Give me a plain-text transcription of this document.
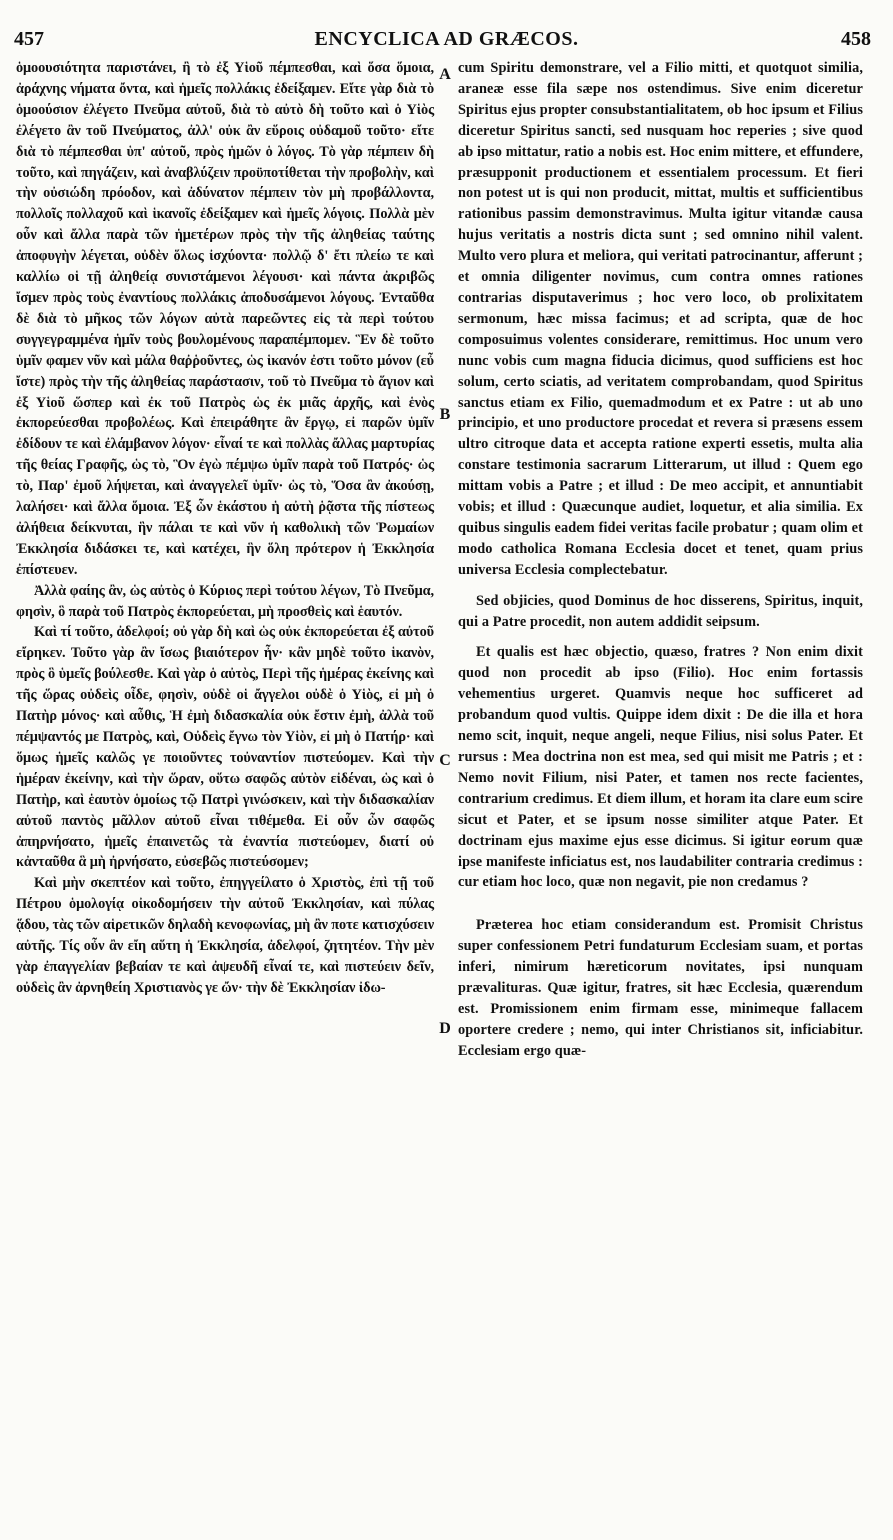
457	ENCYCLICA AD GRÆCOS.	458

ὁμοουσιότητα παριστάνει, ἢ τὸ ἐξ Υἱοῦ πέμπεσθαι, καὶ ὅσα ὅμοια, ἀράχνης νήματα ὄντα, καὶ ἡμεῖς πολλάκις ἐδείξαμεν. Εἴτε γὰρ διὰ τὸ ὁμοούσιον ἐλέγετο Πνεῦμα αὐτοῦ, διὰ τὸ αὐτὸ δὴ τοῦτο καὶ ὁ Υἱὸς ἐλέγετο ἂν τοῦ Πνεύματος, ἀλλ' οὐκ ἂν εὕροις οὐδαμοῦ τοῦτο· εἴτε διὰ τὸ πέμπεσθαι ὑπ' αὐτοῦ, πρὸς ἡμῶν ὁ λόγος. Τὸ γὰρ πέμπειν δὴ τοῦτο, καὶ πηγάζειν, καὶ ἀναβλύζειν προϋποτίθεται τὴν προβολὴν, καὶ τὴν οὐσιώδη πρόοδον, καὶ ἀδύνατον πέμπειν τὸν μὴ προβάλλοντα, πολλοῖς πολλαχοῦ καὶ ἱκανοῖς ἐδείξαμεν καὶ ἡμεῖς λόγοις. Πολλὰ μὲν οὖν καὶ ἄλλα παρὰ τῶν ἡμετέρων πρὸς τὴν τῆς ἀληθείας ταύτης ἀποφυγὴν λέγεται, οὐδὲν ὅλως ἰσχύοντα· πολλῷ δ' ἔτι πλείω τε καὶ καλλίω οἱ τῇ ἀληθείᾳ συνιστάμενοι λέγουσι· καὶ πάντα ἀκριβῶς ἴσμεν πρὸς τοὺς ἐναντίους πολλάκις ἀποδυσάμενοι λόγους. Ἐνταῦθα δὲ διὰ τὸ μῆκος τῶν λόγων αὐτὰ παρεῶντες εἰς τὰ περὶ τούτου συγγεγραμμένα ἡμῖν τοὺς βουλομένους παραπέμπομεν. Ἓν δὲ τοῦτο ὑμῖν φαμεν νῦν καὶ μάλα θαῤῥοῦντες, ὡς ἱκανόν ἐστι τοῦτο μόνον (εὖ ἴστε) πρὸς τὴν τῆς ἀληθείας παράστασιν, τοῦ τὸ Πνεῦμα τὸ ἅγιον καὶ ἐξ Υἱοῦ ὥσπερ καὶ ἐκ τοῦ Πατρὸς ὡς ἐκ μιᾶς ἀρχῆς, καὶ ἑνὸς ἐκπορεύεσθαι προβολέως. Καὶ ἐπειράθητε ἂν ἔργῳ, εἰ παρῶν ὑμῖν ἐδίδουν τε καὶ ἐλάμβανον λόγον· εἶναί τε καὶ πολλὰς ἄλλας μαρτυρίας τῆς θείας Γραφῆς, ὡς τὸ, Ὃν ἐγὼ πέμψω ὑμῖν παρὰ τοῦ Πατρός· ὡς τὸ, Παρ' ἐμοῦ λήψεται, καὶ ἀναγγελεῖ ὑμῖν· ὡς τὸ, Ὅσα ἂν ἀκούσῃ, λαλήσει· καὶ ἄλλα ὅμοια. Ἐξ ὧν ἑκάστου ἡ αὐτὴ ῥᾷστα τῆς πίστεως ἀλήθεια δείκνυται, ἣν πάλαι τε καὶ νῦν ἡ καθολικὴ τῶν Ῥωμαίων Ἐκκλησία διδάσκει τε, καὶ κατέχει, ἣν ὅλη πρότερον ἡ Ἐκκλησία ἐπίστευεν.

Ἀλλὰ φαίης ἂν, ὡς αὐτὸς ὁ Κύριος περὶ τούτου λέγων, Τὸ Πνεῦμα, φησὶν, ὃ παρὰ τοῦ Πατρὸς ἐκπορεύεται, μὴ προσθεὶς καὶ ἑαυτόν.

Καὶ τί τοῦτο, ἀδελφοί; οὐ γὰρ δὴ καὶ ὡς οὐκ ἐκπορεύεται ἐξ αὐτοῦ εἴρηκεν. Τοῦτο γὰρ ἂν ἴσως βιαιότερον ἦν· κἂν μηδὲ τοῦτο ἱκανὸν, πρὸς ὃ ὑμεῖς βούλεσθε. Καὶ γὰρ ὁ αὐτὸς, Περὶ τῆς ἡμέρας ἐκείνης καὶ τῆς ὥρας οὐδεὶς οἶδε, φησὶν, οὐδὲ οἱ ἄγγελοι οὐδὲ ὁ Υἱὸς, εἰ μὴ ὁ Πατὴρ μόνος· καὶ αὖθις, Ἡ ἐμὴ διδασκαλία οὐκ ἔστιν ἐμὴ, ἀλλὰ τοῦ πέμψαντός με Πατρὸς, καὶ, Οὐδεὶς ἔγνω τὸν Υἱὸν, εἰ μὴ ὁ Πατήρ· καὶ ὅμως ἡμεῖς καλῶς γε ποιοῦντες τοὐναντίον πιστεύομεν. Καὶ τὴν ἡμέραν ἐκείνην, καὶ τὴν ὥραν, οὕτω σαφῶς αὐτὸν εἰδέναι, ὡς καὶ ὁ Πατὴρ, καὶ ἑαυτὸν ὁμοίως τῷ Πατρὶ γινώσκειν, καὶ τὴν διδασκαλίαν αὐτοῦ παντὸς μᾶλλον αὐτοῦ εἶναι τιθέμεθα. Εἰ οὖν ὧν σαφῶς ἀπηρνήσατο, ἡμεῖς ἐπαινετῶς τὰ ἐναντία πιστεύομεν, διατί οὐ κἀνταῦθα ἃ μὴ ἠρνήσατο, εὐσεβῶς πιστεύσομεν;

Καὶ μὴν σκεπτέον καὶ τοῦτο, ἐπηγγείλατο ὁ Χριστὸς, ἐπὶ τῇ τοῦ Πέτρου ὁμολογίᾳ οἰκοδομήσειν τὴν αὐτοῦ Ἐκκλησίαν, καὶ πύλας ᾅδου, τὰς τῶν αἱρετικῶν δηλαδὴ κενοφωνίας, μὴ ἂν ποτε κατισχύσειν αὐτῆς. Τίς οὖν ἂν εἴη αὕτη ἡ Ἐκκλησία, ἀδελφοί, ζητητέον. Τὴν μὲν γὰρ ἐπαγγελίαν βεβαίαν τε καὶ ἀψευδῆ εἶναί τε, καὶ πιστεύειν δεῖν, οὐδεὶς ἂν ἀρνηθείη Χριστιανὸς γε ὤν· τὴν δὲ Ἐκκλησίαν ἰδω-

A
B
C
D

cum Spiritu demonstrare, vel a Filio mitti, et quotquot similia, araneæ esse fila sæpe nos ostendimus. Sive enim diceretur Spiritus ejus propter consubstantialitatem, ob hoc ipsum et Filius diceretur Spiritus sancti, sed nusquam hoc reperies ; sive quod ab ipso mittatur, ratio a nobis est. Hoc enim mittere, et effundere, præsupponit productionem et essentialem processum. Et fieri non potest ut is qui non producit, mittat, multis et sufficientibus rationibus passim demonstravimus. Multa igitur vitandæ causa hujus veritatis a nostris dicta sunt ; sed omnino nihil valent. Multo vero plura et meliora, qui veritati patrocinantur, afferunt ; et omnia diligenter novimus, cum contra omnes rationes contrarias disputaverimus ; hoc vero loco, ob prolixitatem sermonum, hæc missa facimus; et ad scripta, quæ de hoc composuimus volentes considerare, remittimus. Hoc unum vero nunc vobis cum magna fiducia dicimus, quod sufficiens est hoc solum, certo sciatis, ad veritatem comprobandam, quod Spiritus sanctus etiam ex Filio, quemadmodum et ex Patre : ut ab uno principio, et uno productore procedat et revera si præsens essem ultro citroque data et accepta ratione experti essetis, multa alia constare testimonia sacrarum Litterarum, ut illud : Quem ego mittam vobis a Patre ; et illud : De meo accipit, et annuntiabit vobis; et illud : Quæcunque audiet, loquetur, et alia similia. Ex quibus singulis eadem fidei veritas facile probatur ; quam olim et modo catholica Romana Ecclesia docet et tenet, quam prius universa Ecclesia complectebatur.

Sed objicies, quod Dominus de hoc disserens, Spiritus, inquit, qui a Patre procedit, non autem addidit seipsum.

Et qualis est hæc objectio, quæso, fratres ? Non enim dixit quod non procedit ab ipso (Filio). Hoc enim fortassis vehementius urgeret. Quamvis neque hoc sufficeret ad probandum quod vultis. Quippe idem dixit : De die illa et hora nemo scit, inquit, neque angeli, neque Filius, nisi solus Pater. Et rursus : Mea doctrina non est mea, sed qui misit me Patris ; et : Nemo novit Filium, nisi Pater, et tamen nos recte facientes, contrarium credimus. Et diem illum, et horam ita clare eum scire sicut et Pater, et se ipsum nosse similiter atque Pater. Et doctrinam ejus maxime ejus esse dicimus. Si igitur eorum quæ ipse manifeste inficiatus est, nos laudabiliter contraria credimus : cur etiam hoc loco, quæ non negavit, pie non credamus ?

Præterea hoc etiam considerandum est. Promisit Christus super confessionem Petri fundaturum Ecclesiam suam, et portas inferi, nimirum hæreticorum novitates, ipsi nunquam prævalituras. Quæ igitur, fratres, sit hæc Ecclesia, quærendum est. Promissionem enim firmam esse, minimeque fallacem oportere credere ; nemo, qui inter Christianos sit, inficiabitur. Ecclesiam ergo quæ-
